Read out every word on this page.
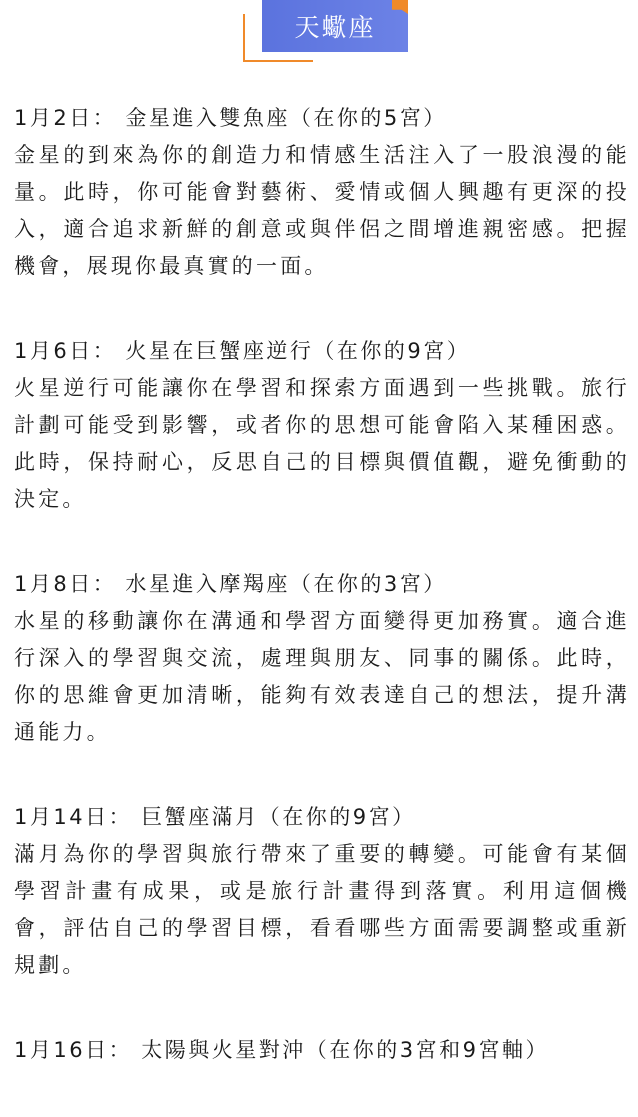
天蠍座
1月2日： 金星進入雙魚座（在你的5宮）
金星的到來為你的創造力和情感生活注入了一股浪漫的能量。此時，你可能會對藝術、愛情或個人興趣有更深的投入，適合追求新鮮的創意或與伴侶之間增進親密感。把握機會，展現你最真實的一面。
1月6日： 火星在巨蟹座逆行（在你的9宮）
火星逆行可能讓你在學習和探索方面遇到一些挑戰。旅行計劃可能受到影響，或者你的思想可能會陷入某種困惑。此時，保持耐心，反思自己的目標與價值觀，避免衝動的決定。
1月8日： 水星進入摩羯座（在你的3宮）
水星的移動讓你在溝通和學習方面變得更加務實。適合進行深入的學習與交流，處理與朋友、同事的關係。此時，你的思維會更加清晰，能夠有效表達自己的想法，提升溝通能力。
1月14日： 巨蟹座滿月（在你的9宮）
滿月為你的學習與旅行帶來了重要的轉變。可能會有某個學習計畫有成果，或是旅行計畫得到落實。利用這個機會，評估自己的學習目標，看看哪些方面需要調整或重新規劃。
1月16日： 太陽與火星對沖（在你的3宮和9宮軸）
